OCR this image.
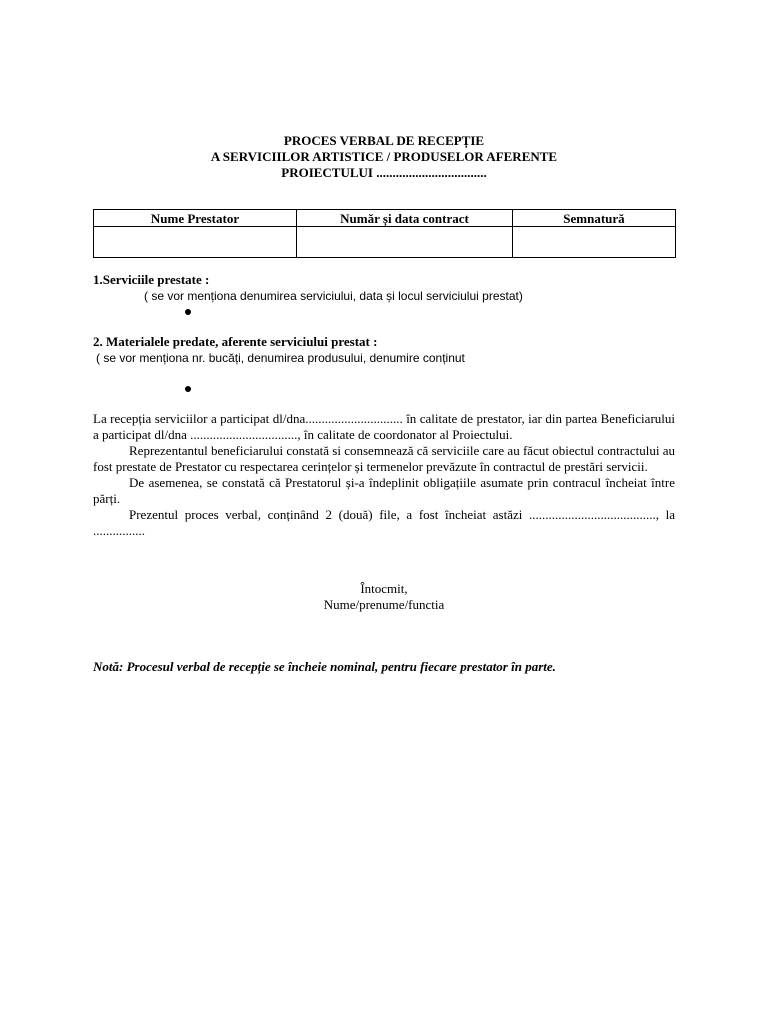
PROCES VERBAL DE RECEPȚIE
A SERVICIILOR ARTISTICE / PRODUSELOR AFERENTE
PROIECTULUI ..................................
Nume Prestator	Număr și data contract	Semnatură

1.Serviciile prestate :
( se vor menționa denumirea serviciului, data și locul serviciului prestat)
2. Materialele predate, aferente serviciului prestat :
( se vor menționa nr. bucăți, denumirea produsului, denumire conținut

La recepția serviciilor a participat dl/dna.............................. în calitate de prestator, iar din partea Beneficiarului a participat dl/dna ................................., în calitate de coordonator al Proiectului.

Reprezentantul beneficiarului constată si consemnează că serviciile care au făcut obiectul contractului au fost prestate de Prestator cu respectarea cerințelor și termenelor prevăzute în contractul de prestări servicii.

De asemenea, se constată că Prestatorul și-a îndeplinit obligațiile asumate prin contracul încheiat între părți.

Prezentul proces verbal, conținând 2 (două) file, a fost încheiat astăzi ......................................., la ................

Întocmit,
Nume/prenume/functia
Notă: Procesul verbal de recepție se încheie nominal, pentru fiecare prestator în parte.
